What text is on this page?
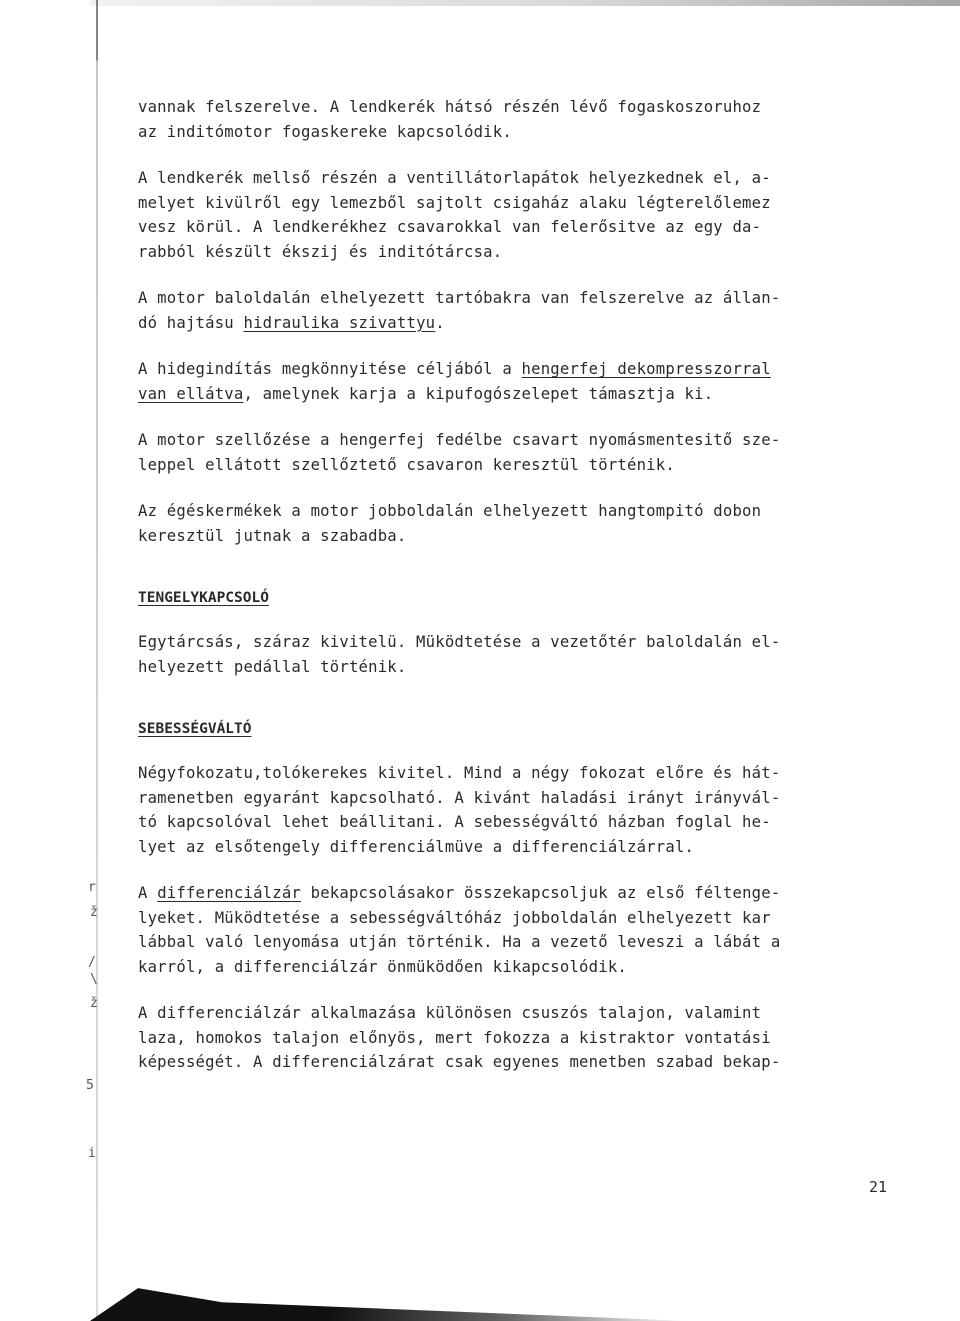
r
ž
/
\
ž
5
i

vannak felszerelve. A lendkerék hátsó részén lévő fogaskoszoruhoz
az inditómotor fogaskereke kapcsolódik.

A lendkerék mellső részén a ventillátorlapátok helyezkednek el, a-
melyet kivülről egy lemezből sajtolt csigaház alaku légterelőlemez
vesz körül. A lendkerékhez csavarokkal van felerősitve az egy da-
rabból készült ékszij és inditótárcsa.

A motor baloldalán elhelyezett tartóbakra van felszerelve az állan-
dó hajtásu hidraulika szivattyu.

A hidegindítás megkönnyitése céljából a hengerfej dekompresszorral
van ellátva, amelynek karja a kipufogószelepet támasztja ki.

A motor szellőzése a hengerfej fedélbe csavart nyomásmentesitő sze-
leppel ellátott szellőztető csavaron keresztül történik.

Az égéskermékek a motor jobboldalán elhelyezett hangtompitó dobon
keresztül jutnak a szabadba.

TENGELYKAPCSOLÓ

Egytárcsás, száraz kivitelü. Müködtetése a vezetőtér baloldalán el-
helyezett pedállal történik.

SEBESSÉGVÁLTÓ

Négyfokozatu,tolókerekes kivitel. Mind a négy fokozat előre és hát-
ramenetben egyaránt kapcsolható. A kivánt haladási irányt irányvál-
tó kapcsolóval lehet beállitani. A sebességváltó házban foglal he-
lyet az elsőtengely differenciálmüve a differenciálzárral.

A differenciálzár bekapcsolásakor összekapcsoljuk az első féltenge-
lyeket. Müködtetése a sebességváltóház jobboldalán elhelyezett kar
lábbal való lenyomása utján történik. Ha a vezető leveszi a lábát a
karról, a differenciálzár önmüködően kikapcsolódik.

A differenciálzár alkalmazása különösen csuszós talajon, valamint
laza, homokos talajon előnyös, mert fokozza a kistraktor vontatási
képességét. A differenciálzárat csak egyenes menetben szabad bekap-

21
